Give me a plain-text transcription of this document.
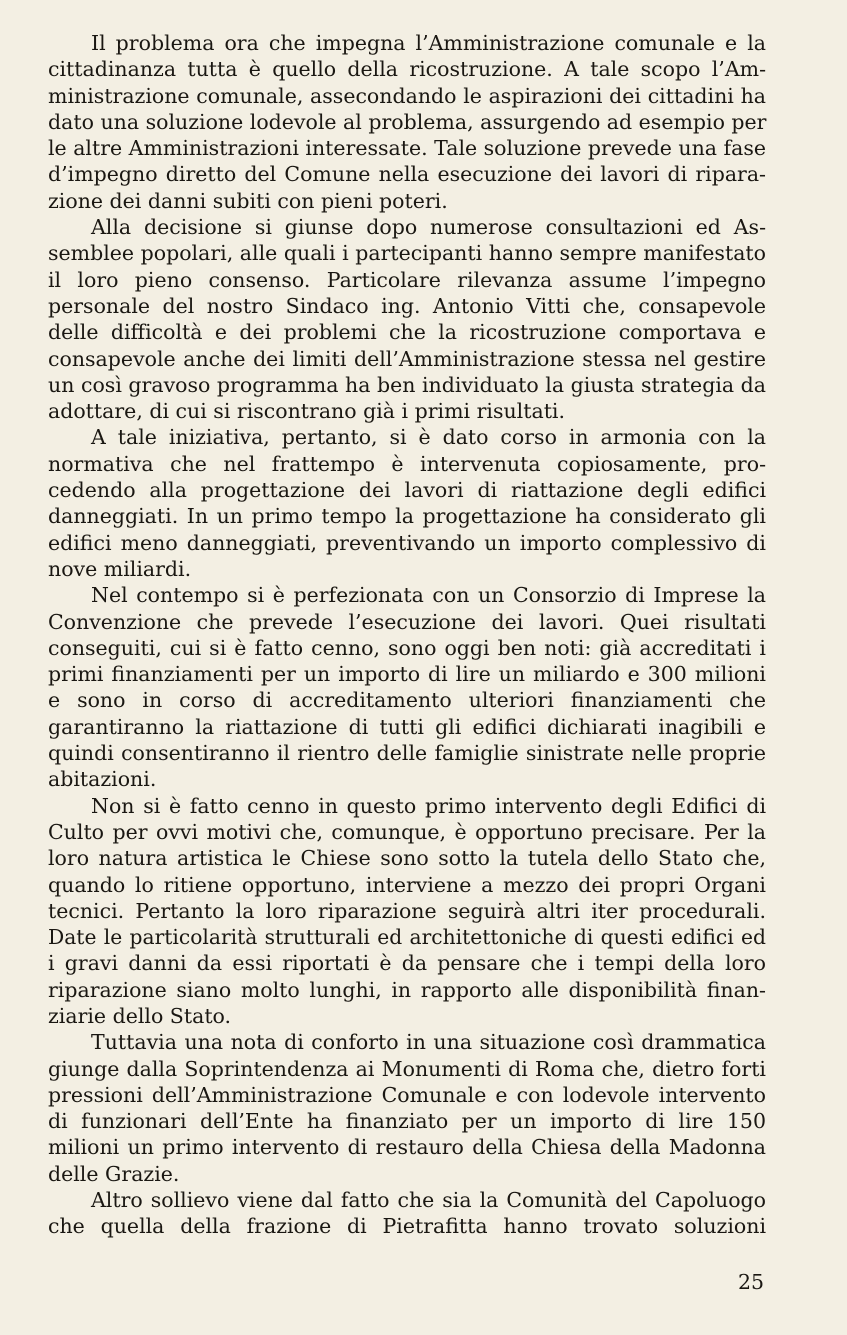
Il problema ora che impegna l’Amministrazione comunale e la
cittadinanza tutta è quello della ricostruzione. A tale scopo l’Am-
ministrazione comunale, assecondando le aspirazioni dei cittadini ha
dato una soluzione lodevole al problema, assurgendo ad esempio per
le altre Amministrazioni interessate. Tale soluzione prevede una fase
d’impegno diretto del Comune nella esecuzione dei lavori di ripara-
zione dei danni subiti con pieni poteri.
Alla decisione si giunse dopo numerose consultazioni ed As-
semblee popolari, alle quali i partecipanti hanno sempre manifestato
il loro pieno consenso. Particolare rilevanza assume l’impegno
personale del nostro Sindaco ing. Antonio Vitti che, consapevole
delle difficoltà e dei problemi che la ricostruzione comportava e
consapevole anche dei limiti dell’Amministrazione stessa nel gestire
un così gravoso programma ha ben individuato la giusta strategia da
adottare, di cui si riscontrano già i primi risultati.
A tale iniziativa, pertanto, si è dato corso in armonia con la
normativa che nel frattempo è intervenuta copiosamente, pro-
cedendo alla progettazione dei lavori di riattazione degli edifici
danneggiati. In un primo tempo la progettazione ha considerato gli
edifici meno danneggiati, preventivando un importo complessivo di
nove miliardi.
Nel contempo si è perfezionata con un Consorzio di Imprese la
Convenzione che prevede l’esecuzione dei lavori. Quei risultati
conseguiti, cui si è fatto cenno, sono oggi ben noti: già accreditati i
primi finanziamenti per un importo di lire un miliardo e 300 milioni
e sono in corso di accreditamento ulteriori finanziamenti che
garantiranno la riattazione di tutti gli edifici dichiarati inagibili e
quindi consentiranno il rientro delle famiglie sinistrate nelle proprie
abitazioni.
Non si è fatto cenno in questo primo intervento degli Edifici di
Culto per ovvi motivi che, comunque, è opportuno precisare. Per la
loro natura artistica le Chiese sono sotto la tutela dello Stato che,
quando lo ritiene opportuno, interviene a mezzo dei propri Organi
tecnici. Pertanto la loro riparazione seguirà altri iter procedurali.
Date le particolarità strutturali ed architettoniche di questi edifici ed
i gravi danni da essi riportati è da pensare che i tempi della loro
riparazione siano molto lunghi, in rapporto alle disponibilità finan-
ziarie dello Stato.
Tuttavia una nota di conforto in una situazione così drammatica
giunge dalla Soprintendenza ai Monumenti di Roma che, dietro forti
pressioni dell’Amministrazione Comunale e con lodevole intervento
di funzionari dell’Ente ha finanziato per un importo di lire 150
milioni un primo intervento di restauro della Chiesa della Madonna
delle Grazie.
Altro sollievo viene dal fatto che sia la Comunità del Capoluogo
che quella della frazione di Pietrafitta hanno trovato soluzioni
25
